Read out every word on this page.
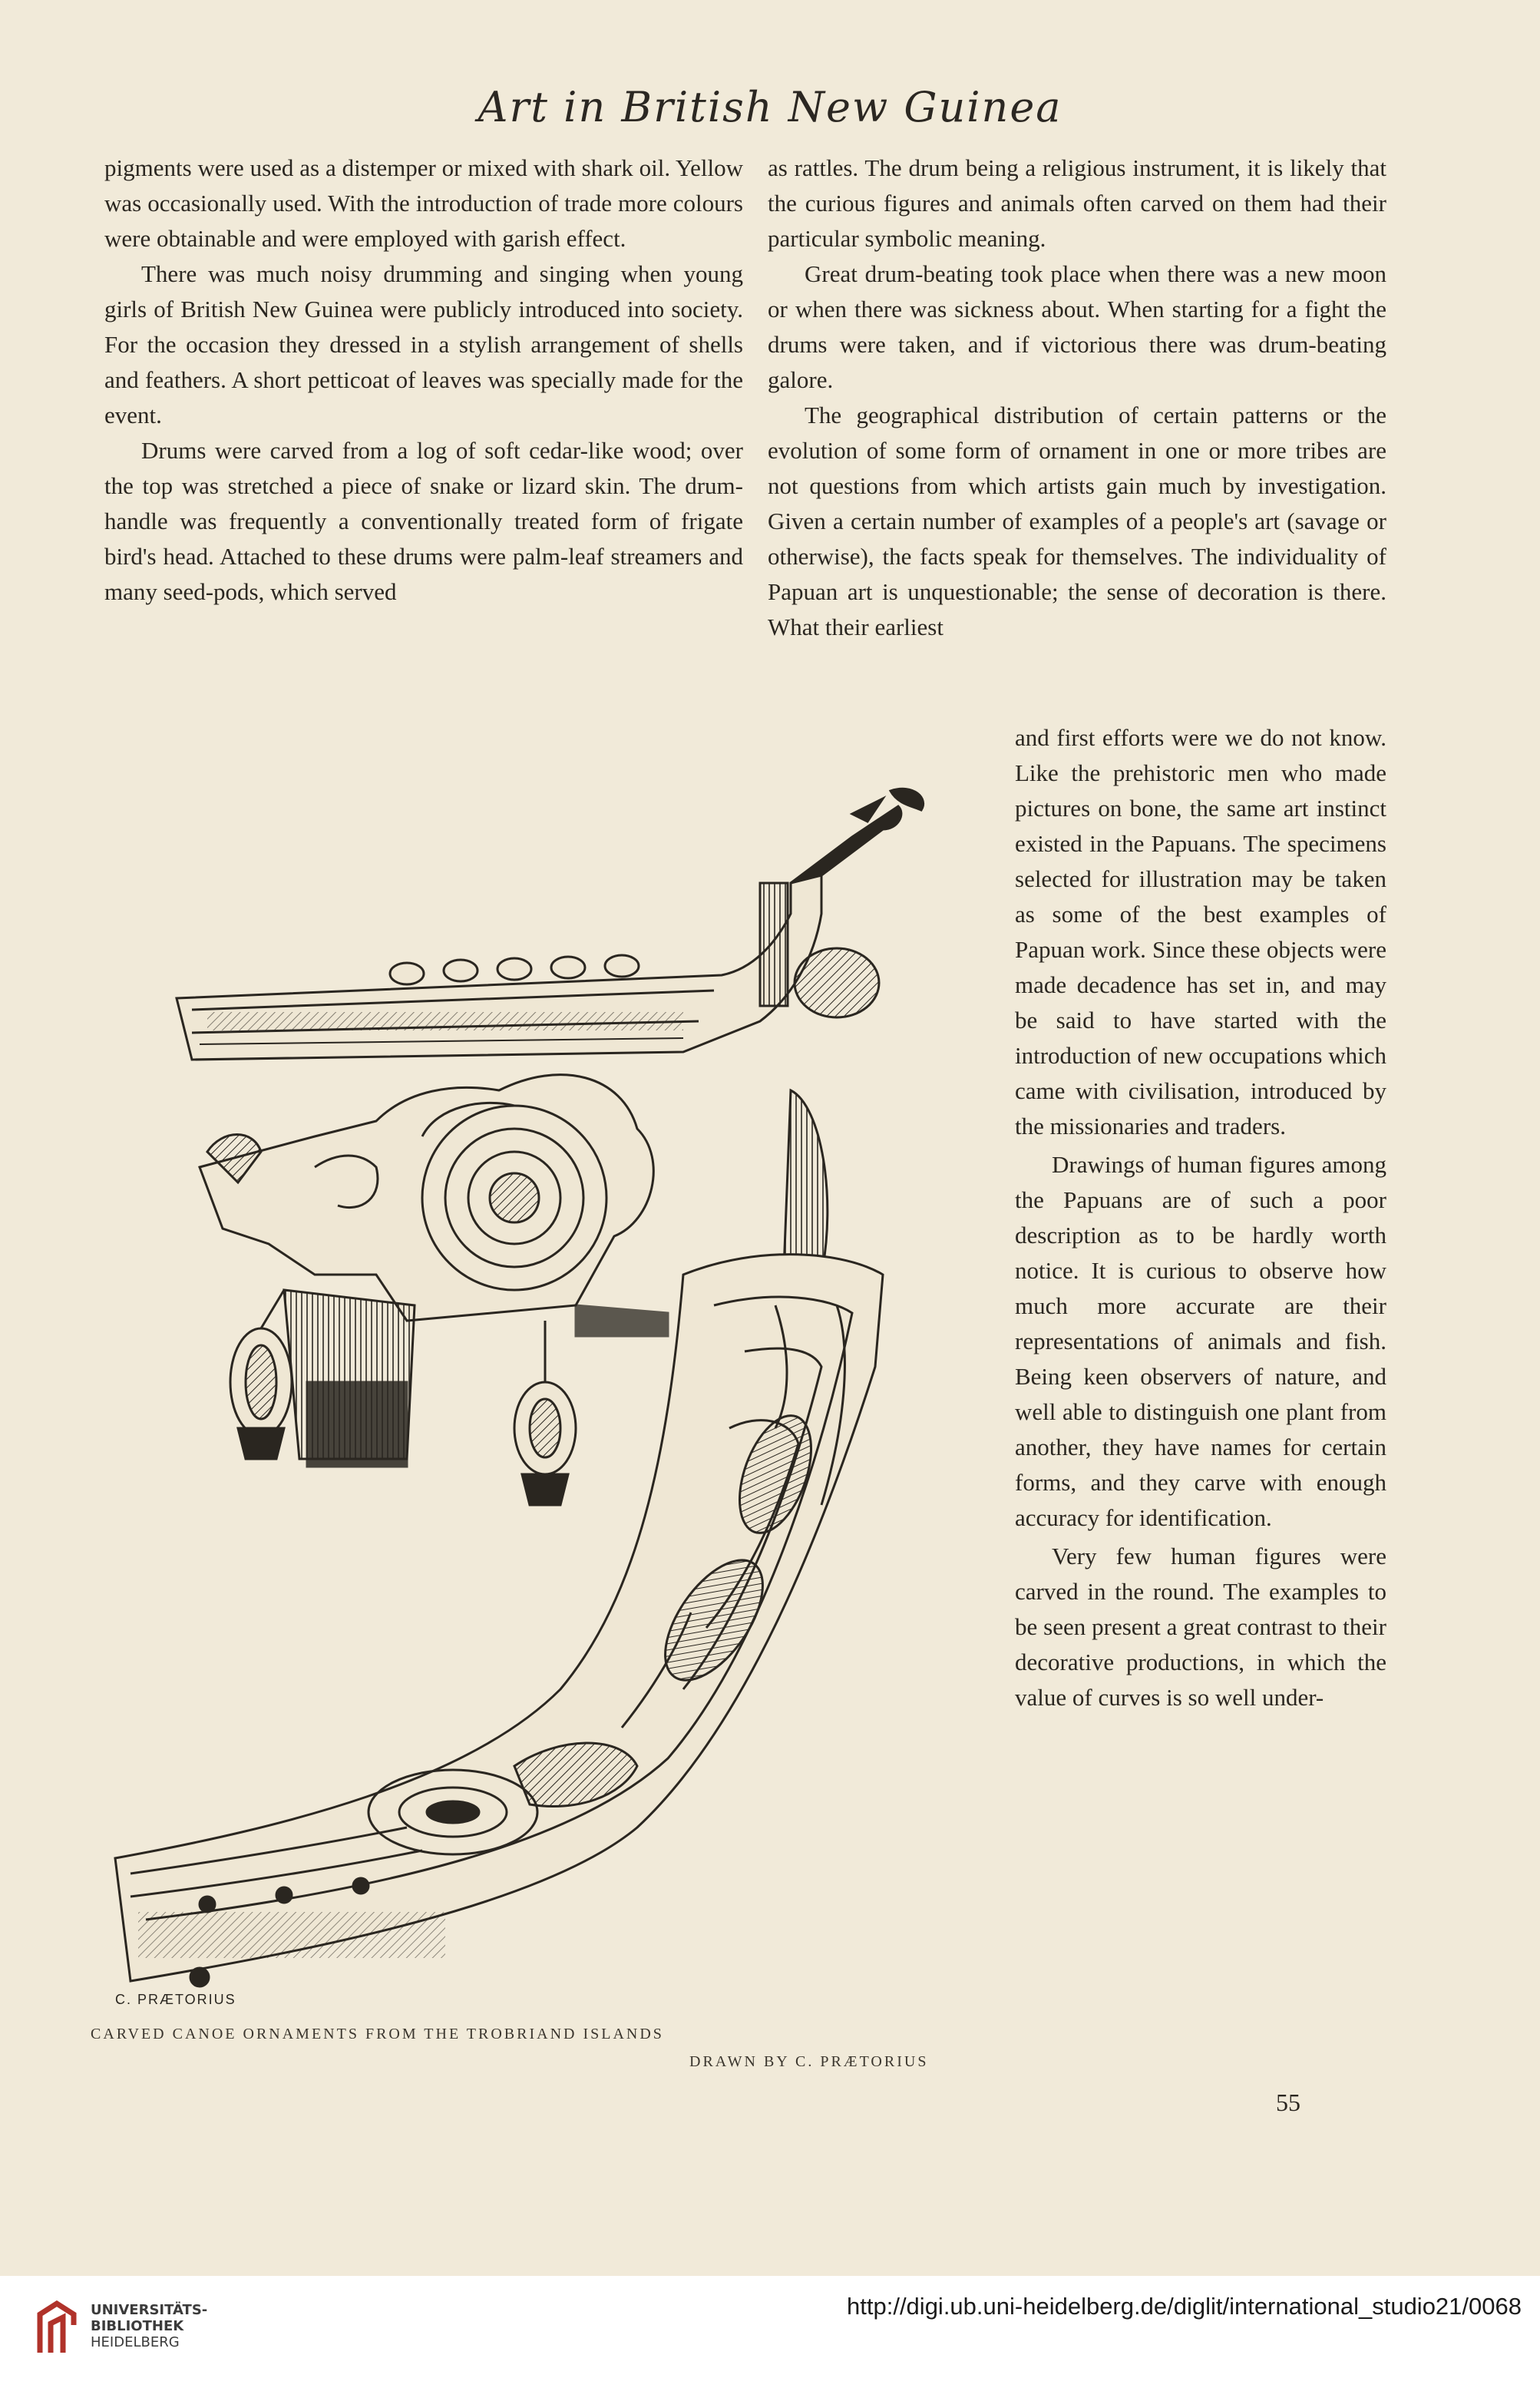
Art in British New Guinea

pigments were used as a distemper or mixed with shark oil. Yellow was occasionally used. With the introduction of trade more colours were obtainable and were employed with garish effect.

There was much noisy drumming and singing when young girls of British New Guinea were publicly introduced into society. For the occasion they dressed in a stylish arrangement of shells and feathers. A short petticoat of leaves was specially made for the event.

Drums were carved from a log of soft cedar-like wood; over the top was stretched a piece of snake or lizard skin. The drum-handle was frequently a conventionally treated form of frigate bird's head. Attached to these drums were palm-leaf streamers and many seed-pods, which served

as rattles. The drum being a religious instrument, it is likely that the curious figures and animals often carved on them had their particular symbolic meaning.

Great drum-beating took place when there was a new moon or when there was sickness about. When starting for a fight the drums were taken, and if victorious there was drum-beating galore.

The geographical distribution of certain patterns or the evolution of some form of ornament in one or more tribes are not questions from which artists gain much by investigation. Given a certain number of examples of a people's art (savage or otherwise), the facts speak for themselves. The individuality of Papuan art is unquestionable; the sense of decoration is there. What their earliest

and first efforts were we do not know. Like the prehistoric men who made pictures on bone, the same art instinct existed in the Papuans. The specimens selected for illustration may be taken as some of the best examples of Papuan work. Since these objects were made decadence has set in, and may be said to have started with the introduction of new occupations which came with civilisation, introduced by the missionaries and traders.

Drawings of human figures among the Papuans are of such a poor description as to be hardly worth notice. It is curious to observe how much more accurate are their representations of animals and fish. Being keen observers of nature, and well able to distinguish one plant from another, they have names for certain forms, and they carve with enough accuracy for identification.

Very few human figures were carved in the round. The examples to be seen present a great contrast to their decorative productions, in which the value of curves is so well under-

C. PRÆTORIUS
CARVED CANOE ORNAMENTS FROM THE TROBRIAND ISLANDS
DRAWN BY C. PRÆTORIUS
55
UNIVERSITÄTS-
BIBLIOTHEK
HEIDELBERG
http://digi.ub.uni-heidelberg.de/diglit/international_studio21/0068
